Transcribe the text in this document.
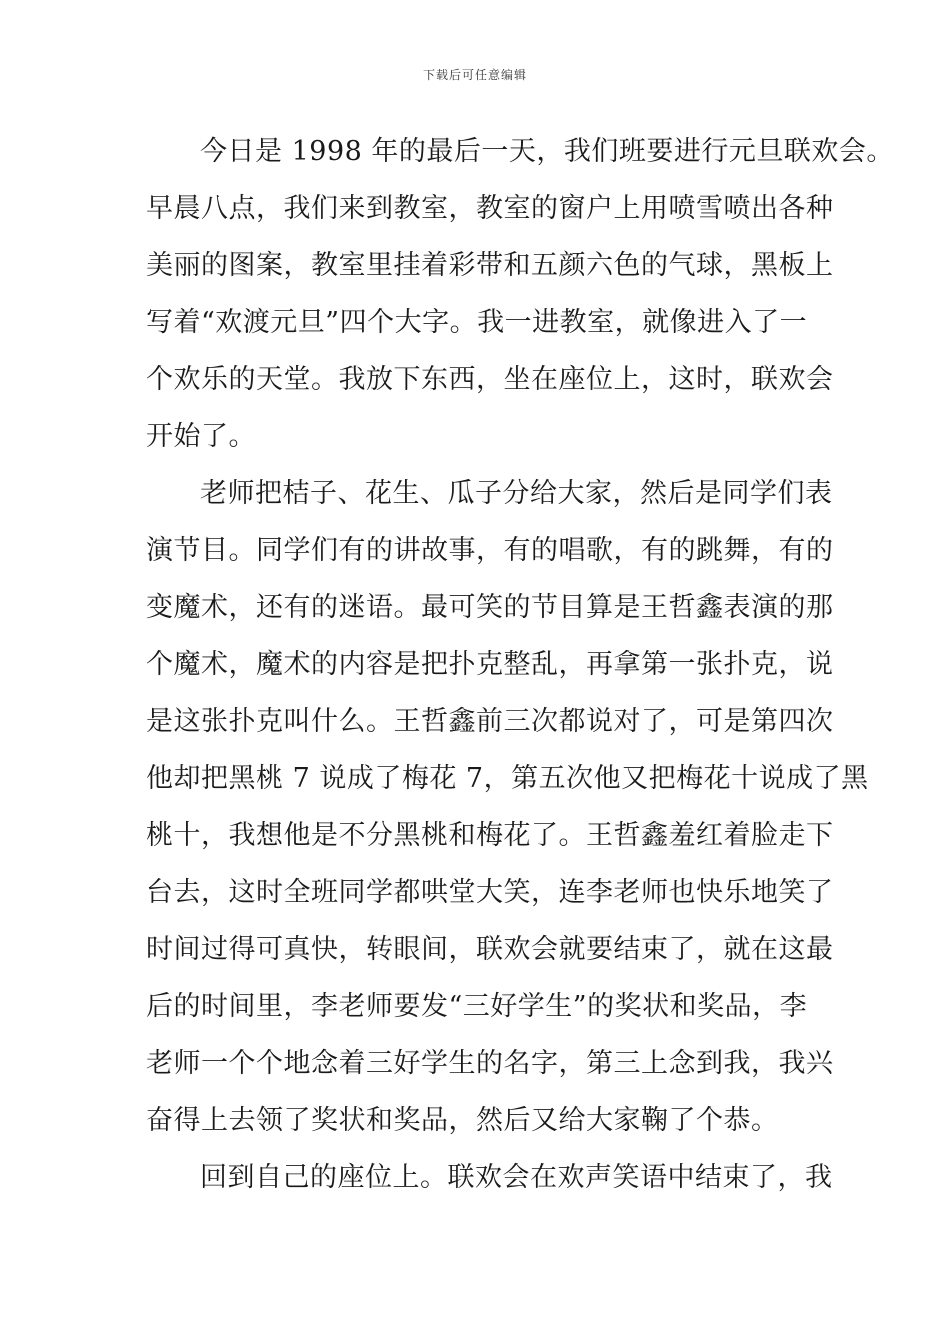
下载后可任意编辑
今日是 1998 年的最后一天，我们班要进行元旦联欢会。
早晨八点，我们来到教室，教室的窗户上用喷雪喷出各种
美丽的图案，教室里挂着彩带和五颜六色的气球，黑板上
写着“欢渡元旦”四个大字。我一进教室，就像进入了一
个欢乐的天堂。我放下东西，坐在座位上，这时，联欢会
开始了。
老师把桔子、花生、瓜子分给大家，然后是同学们表
演节目。同学们有的讲故事，有的唱歌，有的跳舞，有的
变魔术，还有的迷语。最可笑的节目算是王哲鑫表演的那
个魔术，魔术的内容是把扑克整乱，再拿第一张扑克，说
是这张扑克叫什么。王哲鑫前三次都说对了，可是第四次
他却把黑桃 7 说成了梅花 7，第五次他又把梅花十说成了黑
桃十，我想他是不分黑桃和梅花了。王哲鑫羞红着脸走下
台去，这时全班同学都哄堂大笑，连李老师也快乐地笑了
时间过得可真快，转眼间，联欢会就要结束了，就在这最
后的时间里，李老师要发“三好学生”的奖状和奖品，李
老师一个个地念着三好学生的名字，第三上念到我，我兴
奋得上去领了奖状和奖品，然后又给大家鞠了个恭。
回到自己的座位上。联欢会在欢声笑语中结束了，我
